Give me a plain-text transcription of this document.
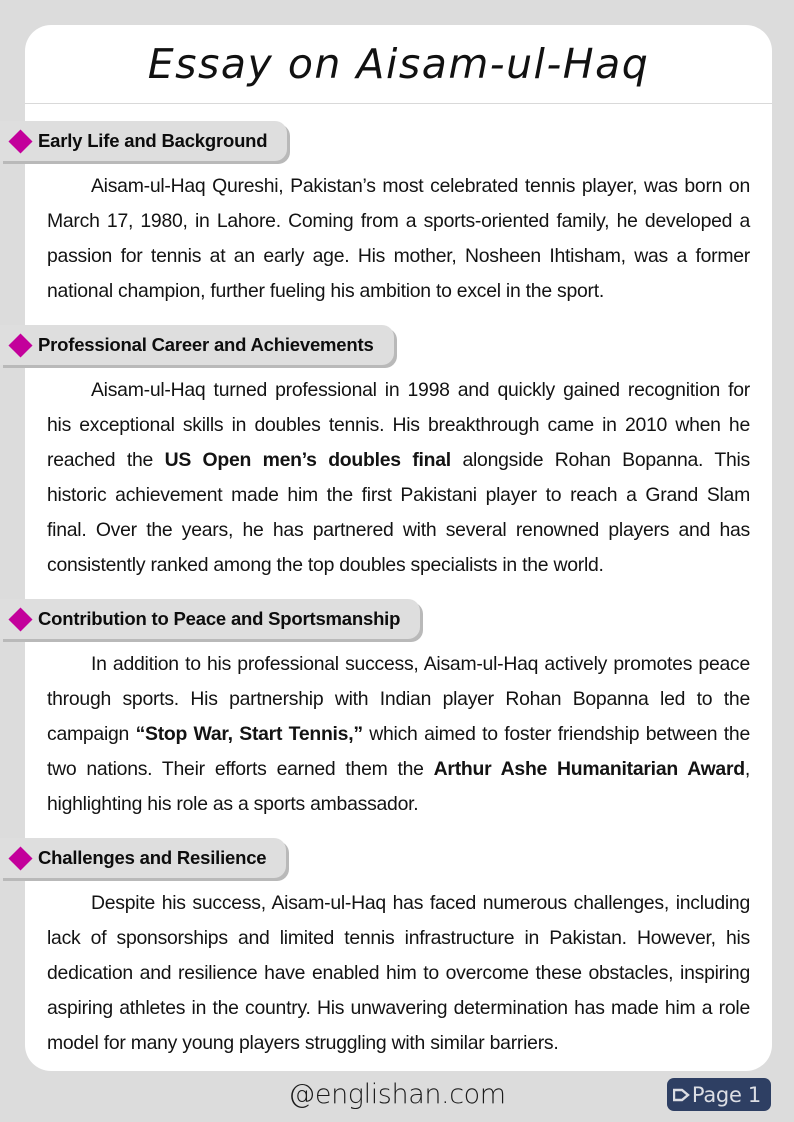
Essay on Aisam-ul-Haq
Early Life and Background

Aisam-ul-Haq Qureshi, Pakistan’s most celebrated tennis player, was born on March 17, 1980, in Lahore. Coming from a sports-oriented family, he developed a passion for tennis at an early age. His mother, Nosheen Ihtisham, was a former national champion, further fueling his ambition to excel in the sport.

Professional Career and Achievements

Aisam-ul-Haq turned professional in 1998 and quickly gained recognition for his exceptional skills in doubles tennis. His breakthrough came in 2010 when he reached the US Open men’s doubles final alongside Rohan Bopanna. This historic achievement made him the first Pakistani player to reach a Grand Slam final. Over the years, he has partnered with several renowned players and has consistently ranked among the top doubles specialists in the world.

Contribution to Peace and Sportsmanship

In addition to his professional success, Aisam-ul-Haq actively promotes peace through sports. His partnership with Indian player Rohan Bopanna led to the campaign “Stop War, Start Tennis,” which aimed to foster friendship between the two nations. Their efforts earned them the Arthur Ashe Humanitarian Award, highlighting his role as a sports ambassador.

Challenges and Resilience

Despite his success, Aisam-ul-Haq has faced numerous challenges, including lack of sponsorships and limited tennis infrastructure in Pakistan. However, his dedication and resilience have enabled him to overcome these obstacles, inspiring aspiring athletes in the country. His unwavering determination has made him a role model for many young players struggling with similar barriers.

@englishan.com	Page 1
